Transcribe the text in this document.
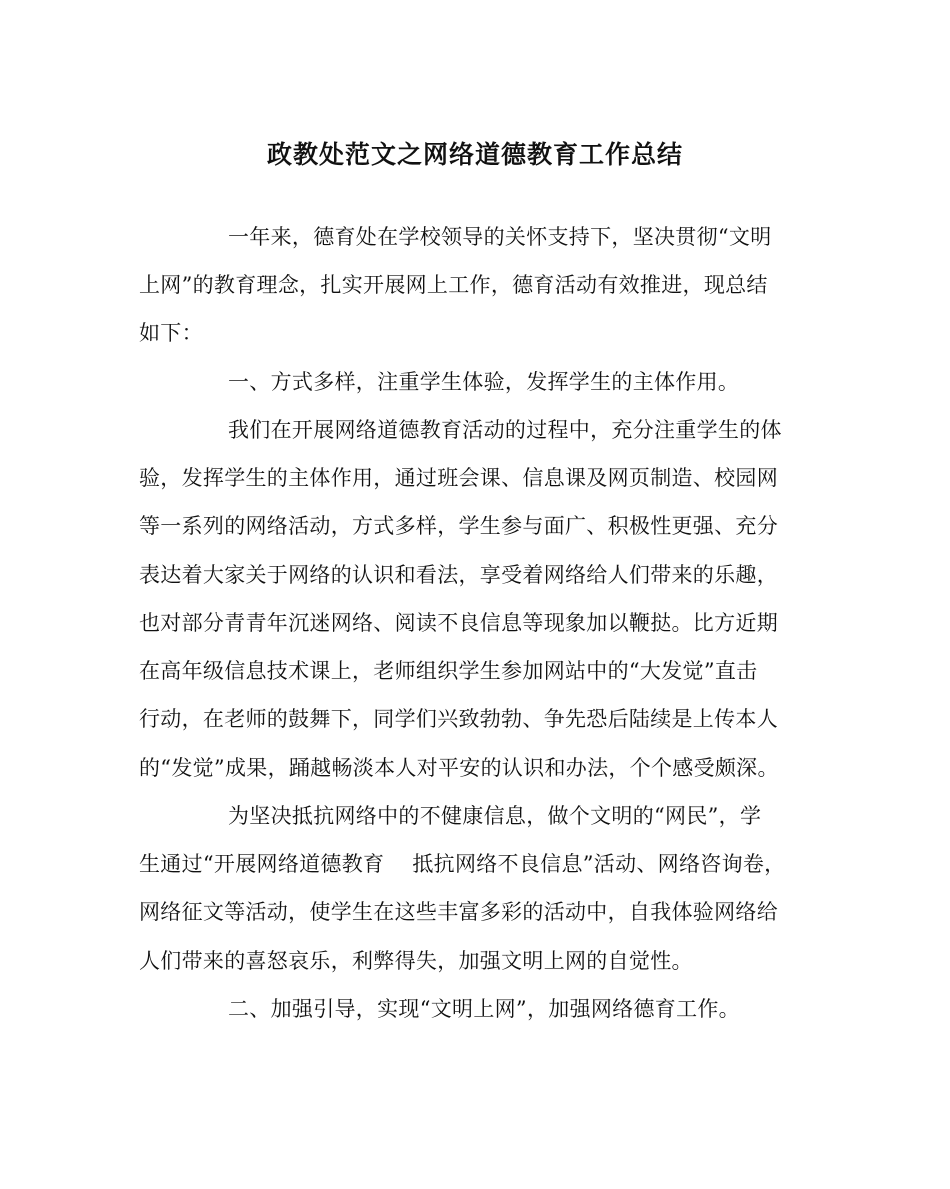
政教处范文之网络道德教育工作总结
一年来，德育处在学校领导的关怀支持下，坚决贯彻“文明
上网”的教育理念，扎实开展网上工作，德育活动有效推进，现总结
如下：
一、方式多样，注重学生体验，发挥学生的主体作用。
我们在开展网络道德教育活动的过程中，充分注重学生的体
验，发挥学生的主体作用，通过班会课、信息课及网页制造、校园网
等一系列的网络活动，方式多样，学生参与面广、积极性更强、充分
表达着大家关于网络的认识和看法，享受着网络给人们带来的乐趣，
也对部分青青年沉迷网络、阅读不良信息等现象加以鞭挞。比方近期
在高年级信息技术课上，老师组织学生参加网站中的“大发觉”直击
行动，在老师的鼓舞下，同学们兴致勃勃、争先恐后陆续是上传本人
的“发觉”成果，踊越畅淡本人对平安的认识和办法，个个感受颇深。
为坚决抵抗网络中的不健康信息，做个文明的“网民”，学
生通过“开展网络道德教育 抵抗网络不良信息”活动、网络咨询卷，
网络征文等活动，使学生在这些丰富多彩的活动中，自我体验网络给
人们带来的喜怒哀乐，利弊得失，加强文明上网的自觉性。
二、加强引导，实现“文明上网”，加强网络德育工作。
